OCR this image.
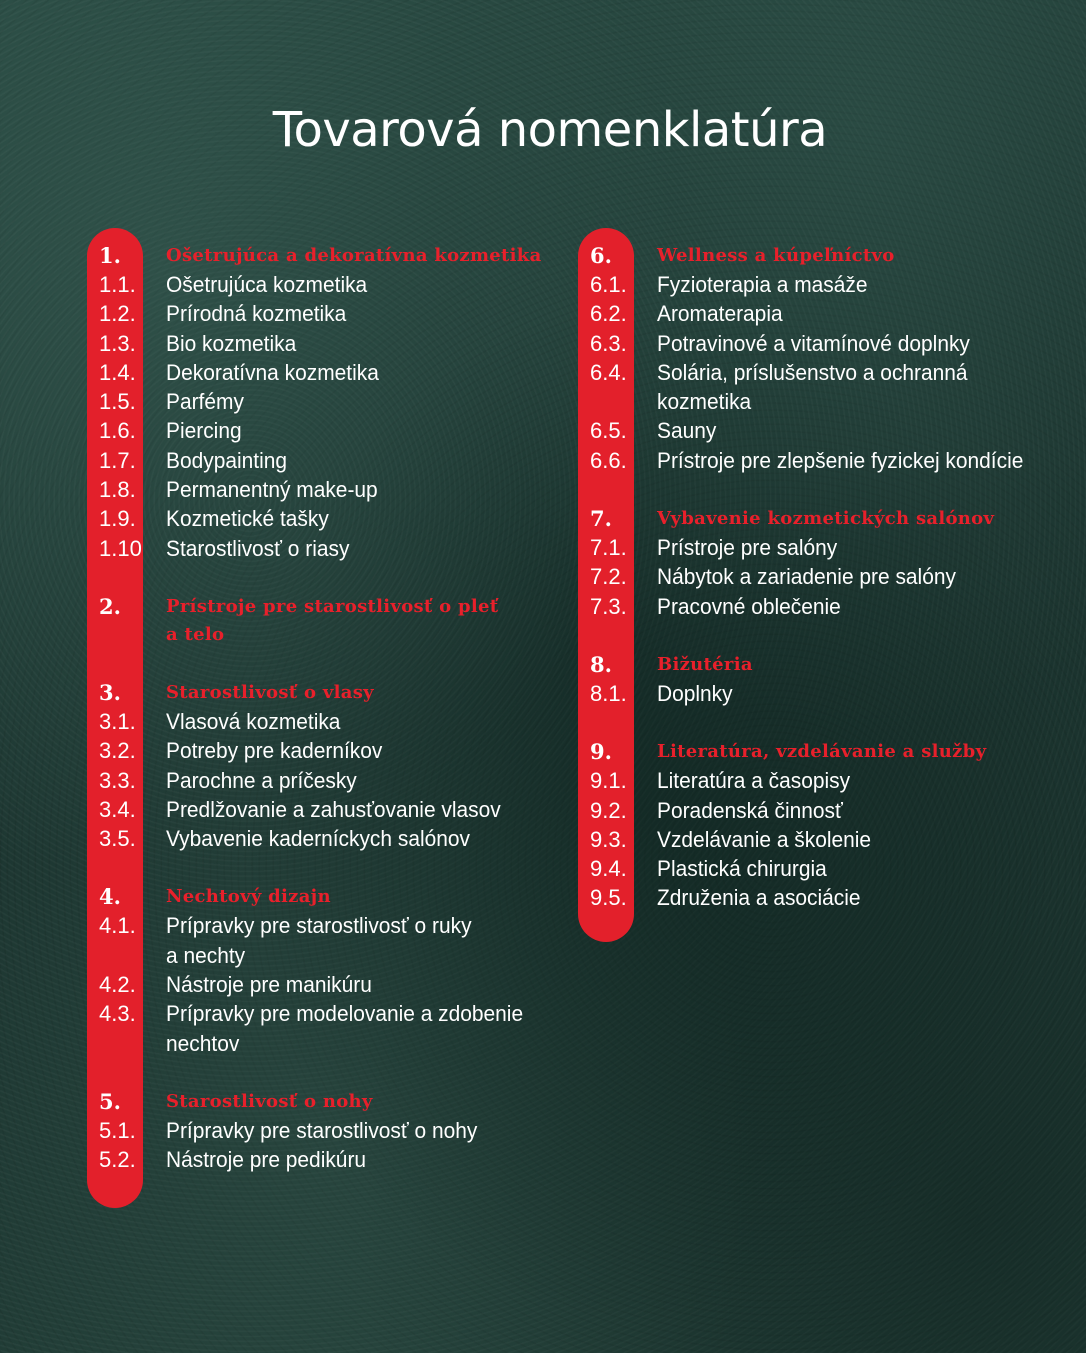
Tovarová nomenklatúra
1.	Ošetrujúca a dekoratívna kozmetika
1.1. Ošetrujúca kozmetika
1.2. Prírodná kozmetika
1.3. Bio kozmetika
1.4. Dekoratívna kozmetika
1.5. Parfémy
1.6. Piercing
1.7. Bodypainting
1.8. Permanentný make-up
1.9. Kozmetické tašky
1.10 Starostlivosť o riasy
2.	Prístroje pre starostlivosť o pleť
a telo
3.	Starostlivosť o vlasy
3.1. Vlasová kozmetika
3.2. Potreby pre kaderníkov
3.3. Parochne a príčesky
3.4. Predlžovanie a zahusťovanie vlasov
3.5. Vybavenie kaderníckych salónov
4.	Nechtový dizajn
4.1. Prípravky pre starostlivosť o ruky
a nechty
4.2. Nástroje pre manikúru
4.3. Prípravky pre modelovanie a zdobenie
nechtov
5.	Starostlivosť o nohy
5.1. Prípravky pre starostlivosť o nohy
5.2. Nástroje pre pedikúru
6.	Wellness a kúpeľníctvo
6.1. Fyzioterapia a masáže
6.2. Aromaterapia
6.3. Potravinové a vitamínové doplnky
6.4. Solária, príslušenstvo a ochranná
kozmetika
6.5. Sauny
6.6. Prístroje pre zlepšenie fyzickej kondície
7.	Vybavenie kozmetických salónov
7.1. Prístroje pre salóny
7.2. Nábytok a zariadenie pre salóny
7.3. Pracovné oblečenie
8.	Bižutéria
8.1. Doplnky
9.	Literatúra, vzdelávanie a služby
9.1. Literatúra a časopisy
9.2. Poradenská činnosť
9.3. Vzdelávanie a školenie
9.4. Plastická chirurgia
9.5. Združenia a asociácie
